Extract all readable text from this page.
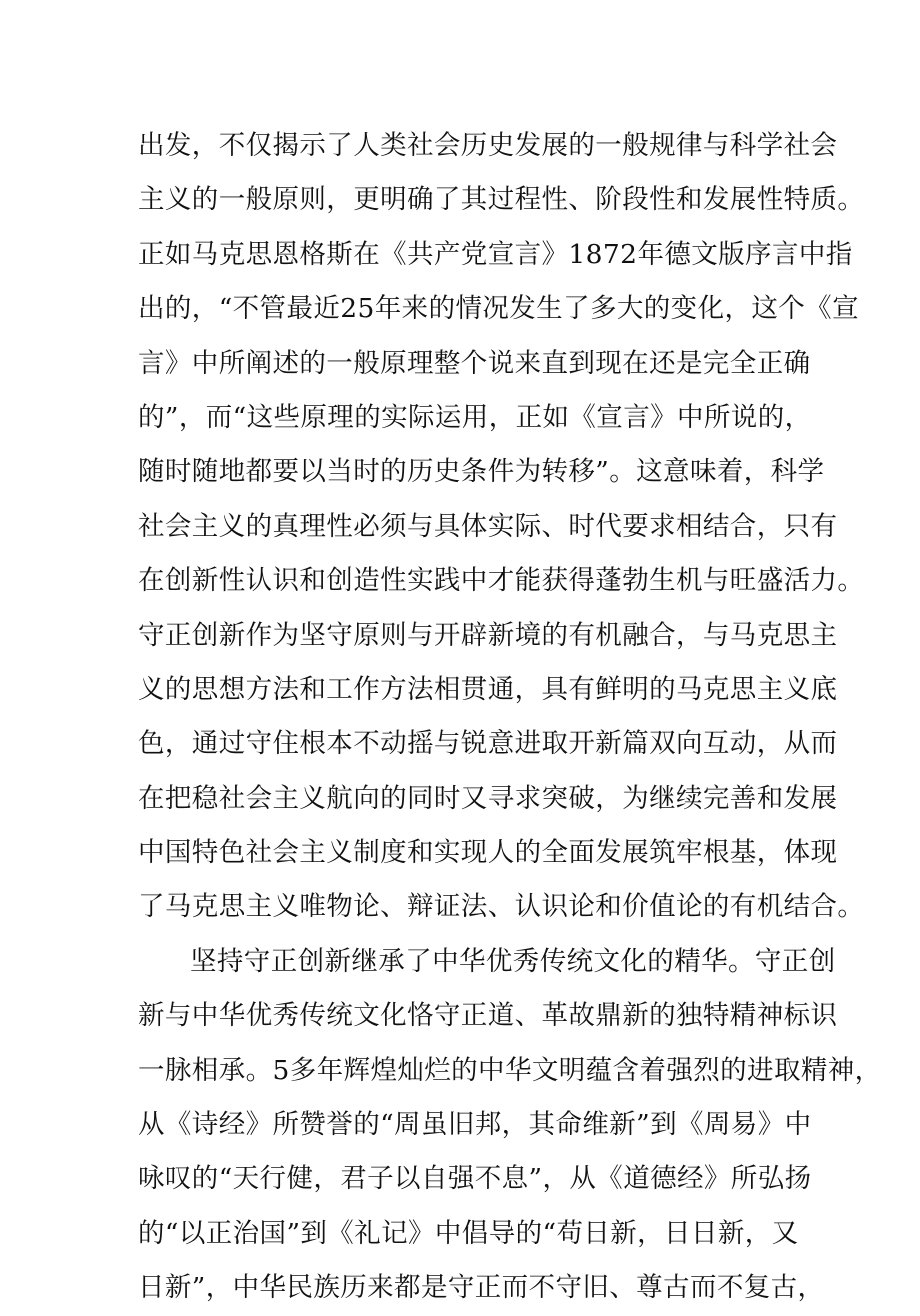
出发，不仅揭示了人类社会历史发展的一般规律与科学社会
主义的一般原则，更明确了其过程性、阶段性和发展性特质。
正如马克思恩格斯在《共产党宣言》1872年德文版序言中指
出的，“不管最近25年来的情况发生了多大的变化，这个《宣
言》中所阐述的一般原理整个说来直到现在还是完全正确
的”，而“这些原理的实际运用，正如《宣言》中所说的，
随时随地都要以当时的历史条件为转移”。这意味着，科学
社会主义的真理性必须与具体实际、时代要求相结合，只有
在创新性认识和创造性实践中才能获得蓬勃生机与旺盛活力。
守正创新作为坚守原则与开辟新境的有机融合，与马克思主
义的思想方法和工作方法相贯通，具有鲜明的马克思主义底
色，通过守住根本不动摇与锐意进取开新篇双向互动，从而
在把稳社会主义航向的同时又寻求突破，为继续完善和发展
中国特色社会主义制度和实现人的全面发展筑牢根基，体现
了马克思主义唯物论、辩证法、认识论和价值论的有机结合。
坚持守正创新继承了中华优秀传统文化的精华。守正创
新与中华优秀传统文化恪守正道、革故鼎新的独特精神标识
一脉相承。5多年辉煌灿烂的中华文明蕴含着强烈的进取精神，
从《诗经》所赞誉的“周虽旧邦，其命维新”到《周易》中
咏叹的“天行健，君子以自强不息”，从《道德经》所弘扬
的“以正治国”到《礼记》中倡导的“苟日新，日日新，又
日新”，中华民族历来都是守正而不守旧、尊古而不复古，
